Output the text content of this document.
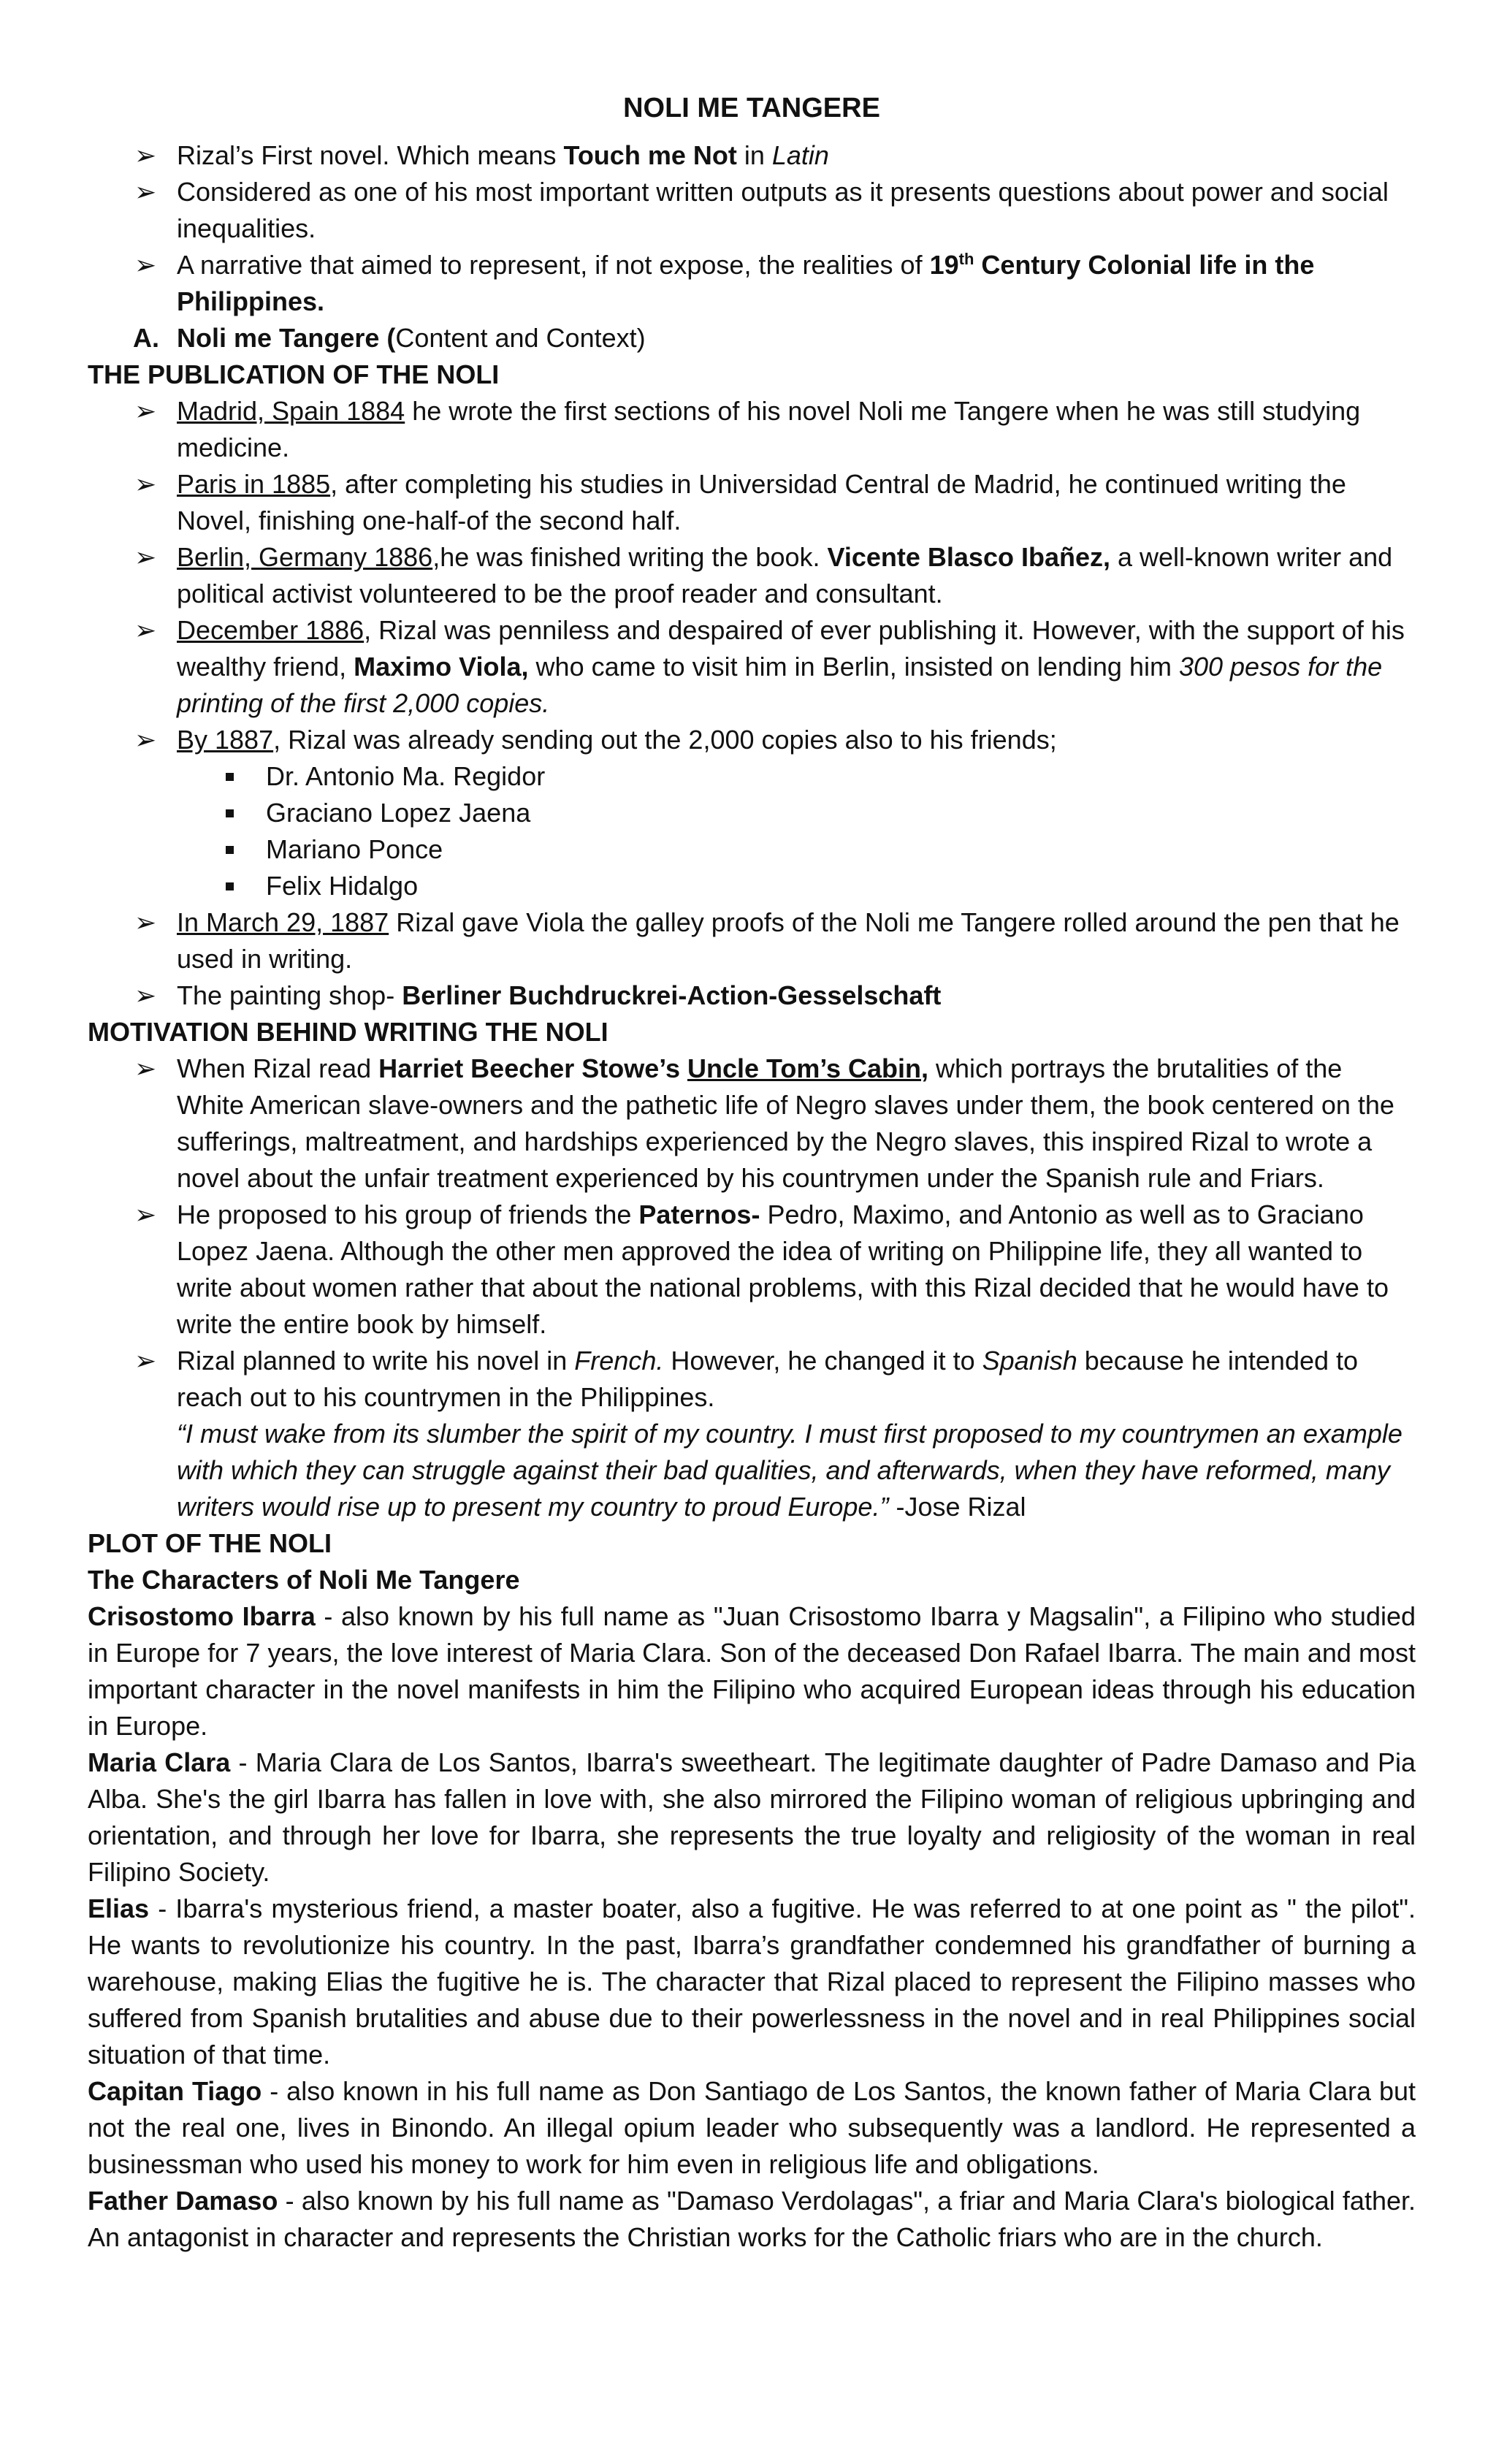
NOLI ME TANGERE
➢ Rizal’s First novel. Which means Touch me Not in Latin
➢ Considered as one of his most important written outputs as it presents questions about power and social inequalities.
➢ A narrative that aimed to represent, if not expose, the realities of 19th Century Colonial life in the Philippines.
A. Noli me Tangere (Content and Context)
THE PUBLICATION OF THE NOLI
➢ Madrid, Spain 1884 he wrote the first sections of his novel Noli me Tangere when he was still studying medicine.
➢ Paris in 1885, after completing his studies in Universidad Central de Madrid, he continued writing the Novel, finishing one-half-of the second half.
➢ Berlin, Germany 1886,he was finished writing the book. Vicente Blasco Ibañez, a well-known writer and political activist volunteered to be the proof reader and consultant.
➢ December 1886, Rizal was penniless and despaired of ever publishing it. However, with the support of his wealthy friend, Maximo Viola, who came to visit him in Berlin, insisted on lending him 300 pesos for the printing of the first 2,000 copies.
➢ By 1887, Rizal was already sending out the 2,000 copies also to his friends;
Dr. Antonio Ma. Regidor
Graciano Lopez Jaena
Mariano Ponce
Felix Hidalgo
➢ In March 29, 1887 Rizal gave Viola the galley proofs of the Noli me Tangere rolled around the pen that he used in writing.
➢ The painting shop- Berliner Buchdruckrei-Action-Gesselschaft
MOTIVATION BEHIND WRITING THE NOLI
➢ When Rizal read Harriet Beecher Stowe’s Uncle Tom’s Cabin, which portrays the brutalities of the White American slave-owners and the pathetic life of Negro slaves under them, the book centered on the sufferings, maltreatment, and hardships experienced by the Negro slaves, this inspired Rizal to wrote a novel about the unfair treatment experienced by his countrymen under the Spanish rule and Friars.
➢ He proposed to his group of friends the Paternos- Pedro, Maximo, and Antonio as well as to Graciano Lopez Jaena. Although the other men approved the idea of writing on Philippine life, they all wanted to write about women rather that about the national problems, with this Rizal decided that he would have to write the entire book by himself.
➢ Rizal planned to write his novel in French. However, he changed it to Spanish because he intended to reach out to his countrymen in the Philippines.
“I must wake from its slumber the spirit of my country. I must first proposed to my countrymen an example with which they can struggle against their bad qualities, and afterwards, when they have reformed, many writers would rise up to present my country to proud Europe.” -Jose Rizal
PLOT OF THE NOLI
The Characters of Noli Me Tangere

Crisostomo Ibarra - also known by his full name as "Juan Crisostomo Ibarra y Magsalin", a Filipino who studied in Europe for 7 years, the love interest of Maria Clara. Son of the deceased Don Rafael Ibarra. The main and most important character in the novel manifests in him the Filipino who acquired European ideas through his education in Europe.

Maria Clara - Maria Clara de Los Santos, Ibarra's sweetheart. The legitimate daughter of Padre Damaso and Pia Alba. She's the girl Ibarra has fallen in love with, she also mirrored the Filipino woman of religious upbringing and orientation, and through her love for Ibarra, she represents the true loyalty and religiosity of the woman in real Filipino Society.

Elias - Ibarra's mysterious friend, a master boater, also a fugitive. He was referred to at one point as " the pilot". He wants to revolutionize his country. In the past, Ibarra’s grandfather condemned his grandfather of burning a warehouse, making Elias the fugitive he is. The character that Rizal placed to represent the Filipino masses who suffered from Spanish brutalities and abuse due to their powerlessness in the novel and in real Philippines social situation of that time.

Capitan Tiago - also known in his full name as Don Santiago de Los Santos, the known father of Maria Clara but not the real one, lives in Binondo. An illegal opium leader who subsequently was a landlord. He represented a businessman who used his money to work for him even in religious life and obligations.

Father Damaso - also known by his full name as "Damaso Verdolagas", a friar and Maria Clara's biological father. An antagonist in character and represents the Christian works for the Catholic friars who are in the church.
